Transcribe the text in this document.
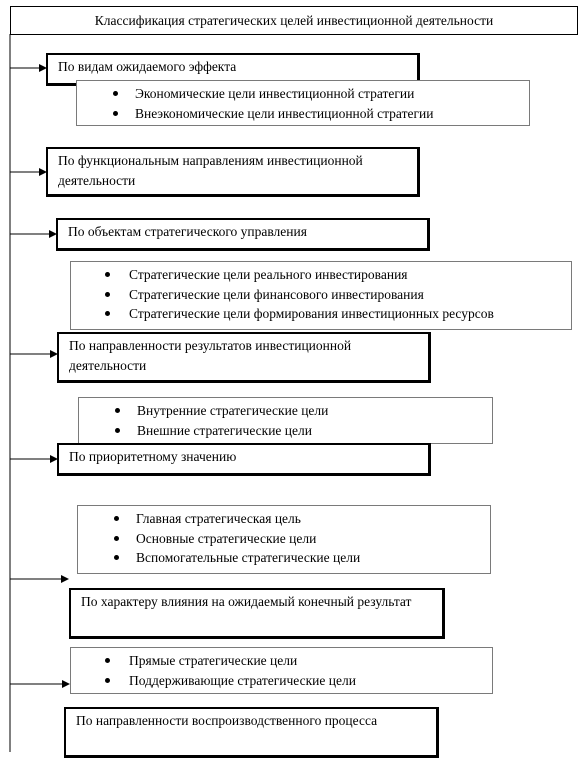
Классификация стратегических целей инвестиционной деятельности
По видам ожидаемого эффекта
Экономические цели инвестиционной стратегии
Внеэкономические цели инвестиционной стратегии
По функциональным направлениям инвестиционной деятельности
По объектам стратегического управления
Стратегические цели реального инвестирования
Стратегические цели финансового инвестирования
Стратегические цели формирования инвестиционных ресурсов
По направленности результатов инвестиционной деятельности
Внутренние стратегические цели
Внешние стратегические цели
По приоритетному значению
Главная стратегическая цель
Основные стратегические цели
Вспомогательные стратегические цели
По характеру влияния на ожидаемый конечный результат
Прямые стратегические цели
Поддерживающие стратегические цели
По направленности воспроизводственного процесса
